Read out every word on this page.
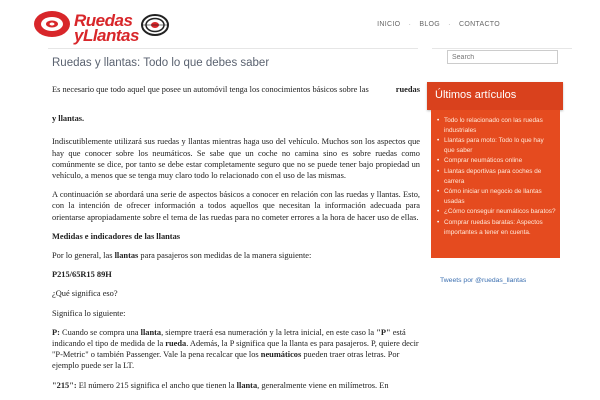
Ruedas
yLlantas
INICIO · BLOG · CONTACTO
Ruedas y llantas: Todo lo que debes saber

Es necesario que todo aquel que posee un automóvil tenga los conocimientos básicos sobre las	ruedas

y llantas.

Indiscutiblemente utilizará sus ruedas y llantas mientras haga uso del vehículo. Muchos son los aspectos que hay que conocer sobre los neumáticos. Se sabe que un coche no camina sino es sobre ruedas como comúnmente se dice, por tanto se debe estar completamente seguro que no se puede tener bajo propiedad un vehículo, a menos que se tenga muy claro todo lo relacionado con el uso de las mismas.

A continuación se abordará una serie de aspectos básicos a conocer en relación con las ruedas y llantas. Esto, con la intención de ofrecer información a todos aquellos que necesitan la información adecuada para orientarse apropiadamente sobre el tema de las ruedas para no cometer errores a la hora de hacer uso de ellas.

Medidas e indicadores de las llantas

Por lo general, las llantas para pasajeros son medidas de la manera siguiente:

P215/65R15 89H

¿Qué significa eso?

Significa lo siguiente:

P: Cuando se compra una llanta, siempre traerá esa numeración y la letra inicial, en este caso la "P" está indicando el tipo de medida de la rueda. Además, la P significa que la llanta es para pasajeros. P, quiere decir "P-Metric" o también Passenger. Vale la pena recalcar que los neumáticos pueden traer otras letras. Por ejemplo puede ser la LT.

"215": El número 215 significa el ancho que tienen la llanta, generalmente viene en milímetros. En

Search
Últimos artículos
• Todo lo relacionado con las ruedas industriales
• Llantas para moto: Todo lo que hay que saber
• Comprar neumáticos online
• Llantas deportivas para coches de carrera
• Cómo iniciar un negocio de llantas usadas
• ¿Cómo conseguir neumáticos baratos?
• Comprar ruedas baratas: Aspectos importantes a tener en cuenta.
Tweets por @ruedas_llantas
